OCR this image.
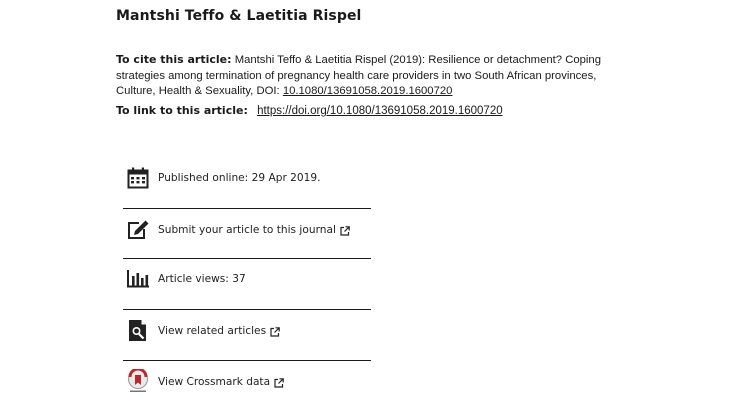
Mantshi Teffo & Laetitia Rispel
To cite this article: Mantshi Teffo & Laetitia Rispel (2019): Resilience or detachment? Coping
strategies among termination of pregnancy health care providers in two South African provinces,
Culture, Health & Sexuality, DOI: 10.1080/13691058.2019.1600720
To link to this article: https://doi.org/10.1080/13691058.2019.1600720
Published online: 29 Apr 2019.
Submit your article to this journal
Article views: 37
View related articles
View Crossmark data
